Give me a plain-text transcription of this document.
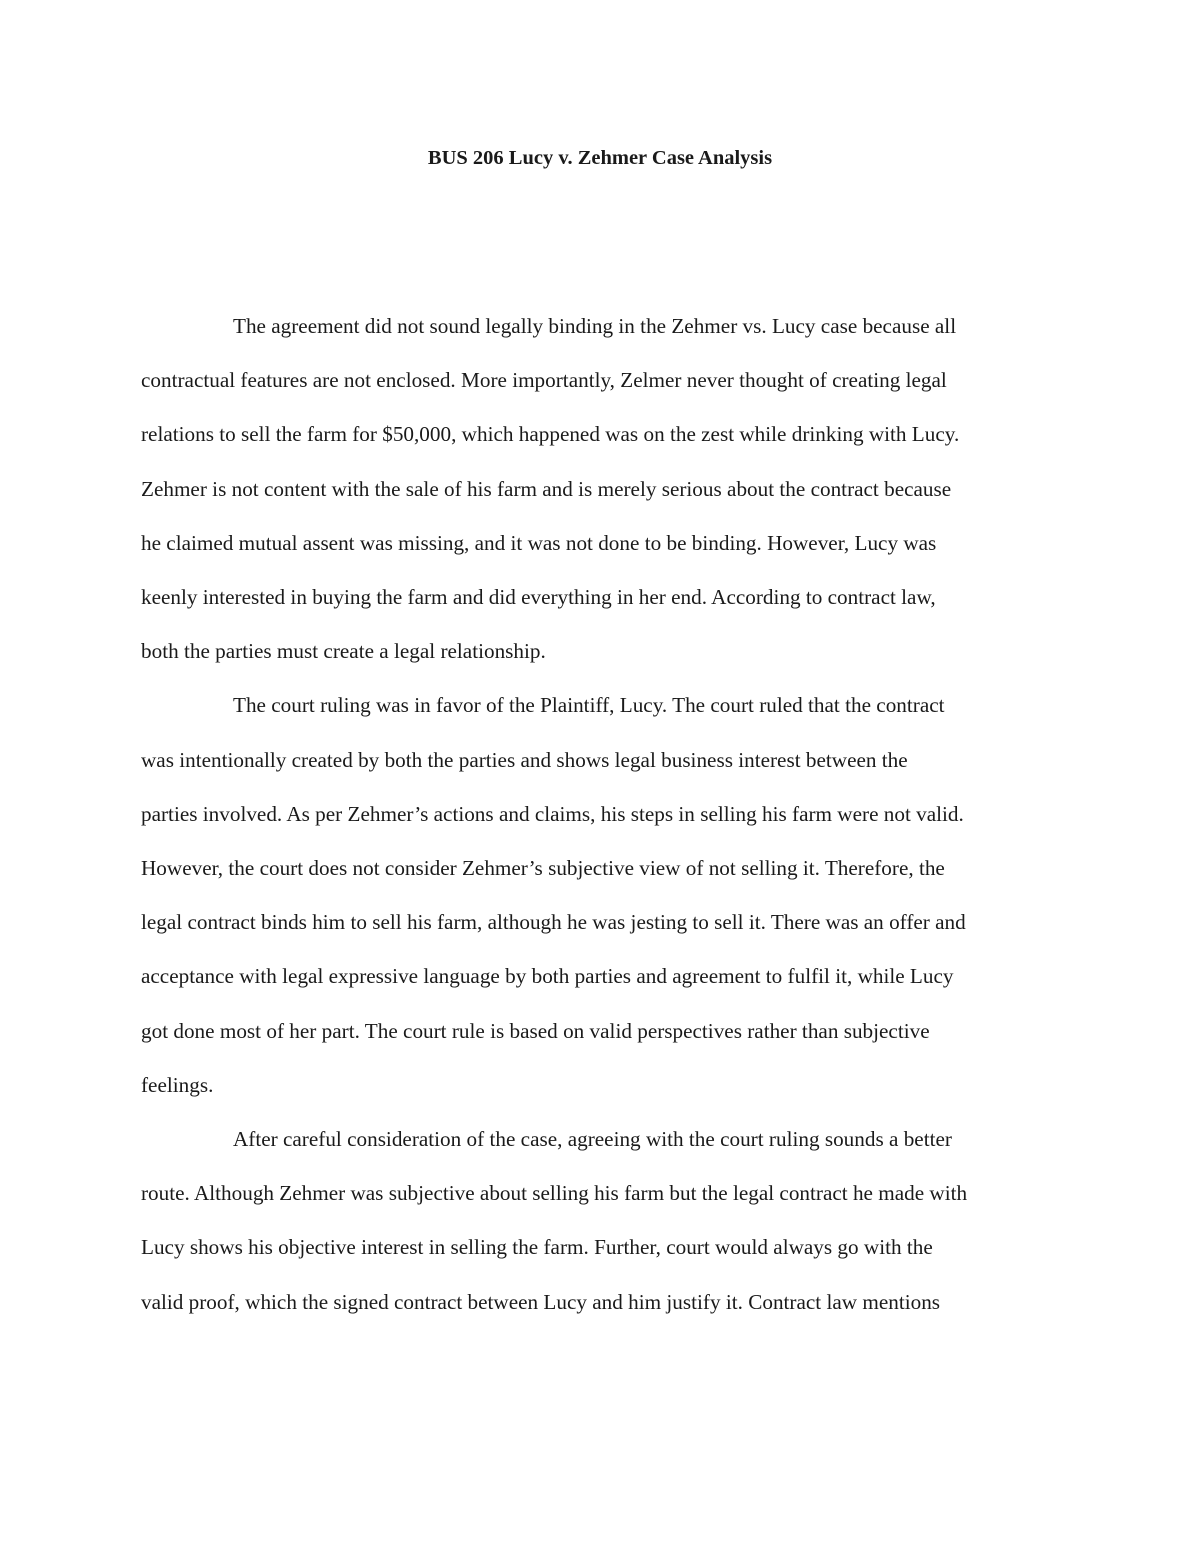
BUS 206 Lucy v. Zehmer Case Analysis

The agreement did not sound legally binding in the Zehmer vs. Lucy case because all
contractual features are not enclosed. More importantly, Zelmer never thought of creating legal
relations to sell the farm for $50,000, which happened was on the zest while drinking with Lucy.
Zehmer is not content with the sale of his farm and is merely serious about the contract because
he claimed mutual assent was missing, and it was not done to be binding. However, Lucy was
keenly interested in buying the farm and did everything in her end. According to contract law,
both the parties must create a legal relationship.

The court ruling was in favor of the Plaintiff, Lucy. The court ruled that the contract
was intentionally created by both the parties and shows legal business interest between the
parties involved. As per Zehmer’s actions and claims, his steps in selling his farm were not valid.
However, the court does not consider Zehmer’s subjective view of not selling it. Therefore, the
legal contract binds him to sell his farm, although he was jesting to sell it. There was an offer and
acceptance with legal expressive language by both parties and agreement to fulfil it, while Lucy
got done most of her part. The court rule is based on valid perspectives rather than subjective
feelings.

After careful consideration of the case, agreeing with the court ruling sounds a better
route. Although Zehmer was subjective about selling his farm but the legal contract he made with
Lucy shows his objective interest in selling the farm. Further, court would always go with the
valid proof, which the signed contract between Lucy and him justify it. Contract law mentions
